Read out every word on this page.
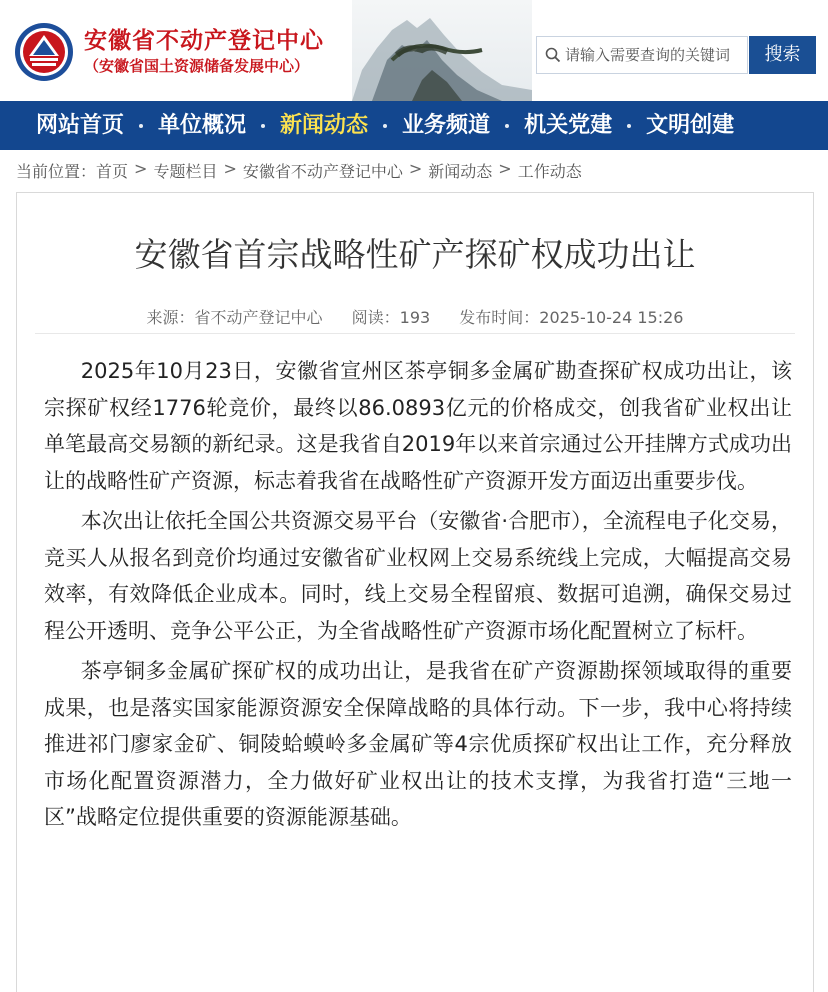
安徽省不动产登记中心
（安徽省国土资源储备发展中心）
请输入需要查询的关键词
搜索
网站首页 单位概况 新闻动态 业务频道 机关党建 文明创建
当前位置： 首页 > 专题栏目 > 安徽省不动产登记中心 > 新闻动态 > 工作动态
安徽省首宗战略性矿产探矿权成功出让
来源：省不动产登记中心 阅读：193 发布时间：2025-10-24 15:26

2025年10月23日，安徽省宣州区茶亭铜多金属矿勘查探矿权成功出让，该宗探矿权经1776轮竞价，最终以86.0893亿元的价格成交，创我省矿业权出让单笔最高交易额的新纪录。这是我省自2019年以来首宗通过公开挂牌方式成功出让的战略性矿产资源，标志着我省在战略性矿产资源开发方面迈出重要步伐。

本次出让依托全国公共资源交易平台（安徽省·合肥市），全流程电子化交易，竞买人从报名到竞价均通过安徽省矿业权网上交易系统线上完成，大幅提高交易效率，有效降低企业成本。同时，线上交易全程留痕、数据可追溯，确保交易过程公开透明、竞争公平公正，为全省战略性矿产资源市场化配置树立了标杆。

茶亭铜多金属矿探矿权的成功出让，是我省在矿产资源勘探领域取得的重要成果，也是落实国家能源资源安全保障战略的具体行动。下一步，我中心将持续推进祁门廖家金矿、铜陵蛤蟆岭多金属矿等4宗优质探矿权出让工作，充分释放市场化配置资源潜力，全力做好矿业权出让的技术支撑，为我省打造“三地一区”战略定位提供重要的资源能源基础。
